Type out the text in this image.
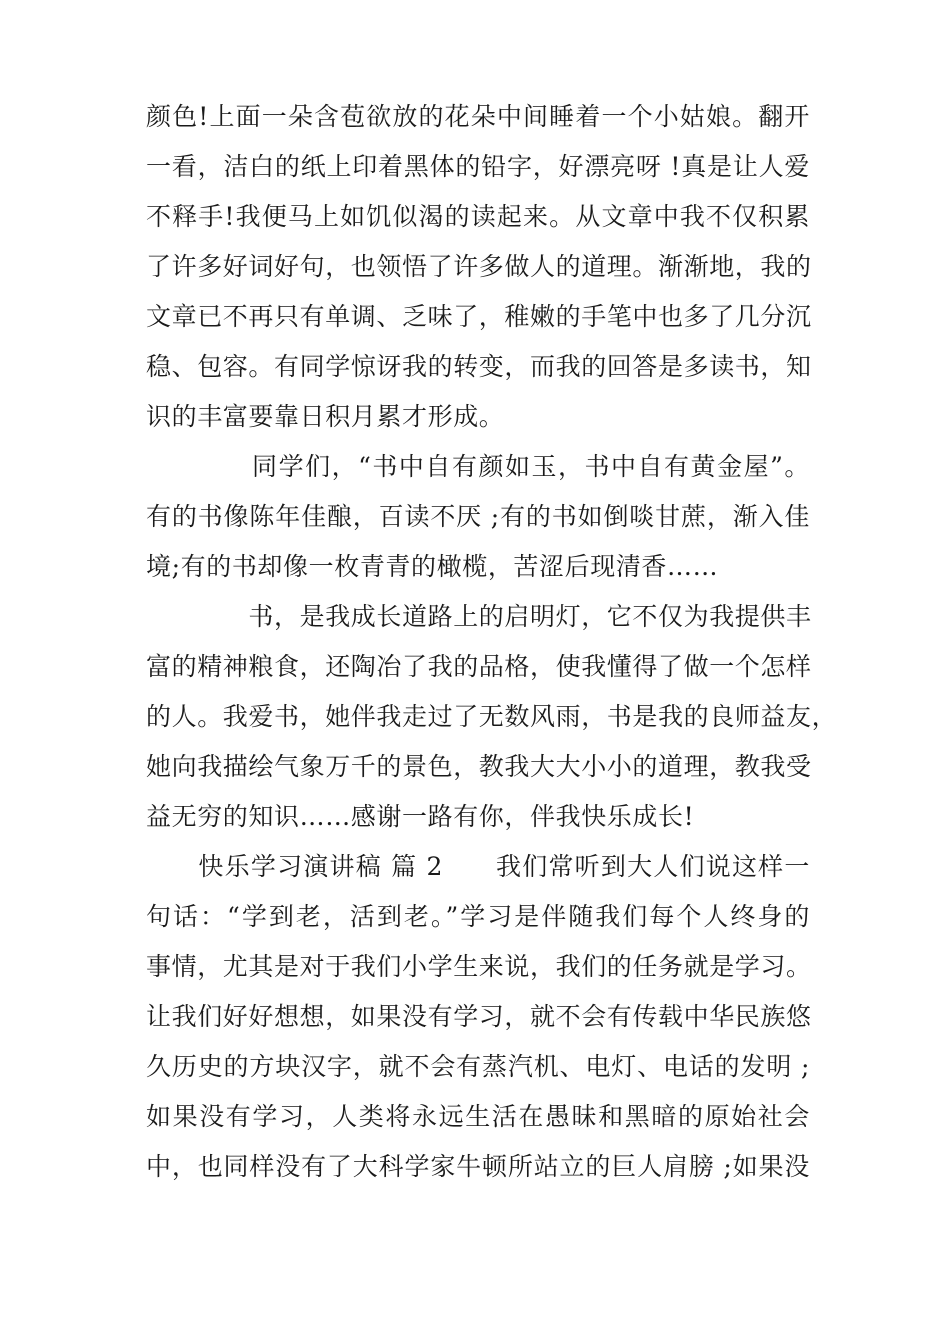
颜色!上面一朵含苞欲放的花朵中间睡着一个小姑娘。翻开
一看，洁白的纸上印着黑体的铅字，好漂亮呀 !真是让人爱
不释手!我便马上如饥似渴的读起来。从文章中我不仅积累
了许多好词好句，也领悟了许多做人的道理。渐渐地，我的
文章已不再只有单调、乏味了，稚嫩的手笔中也多了几分沉
稳、包容。有同学惊讶我的转变，而我的回答是多读书，知
识的丰富要靠日积月累才形成。
　　　　同学们，“书中自有颜如玉，书中自有黄金屋”。
有的书像陈年佳酿，百读不厌 ;有的书如倒啖甘蔗，渐入佳
境;有的书却像一枚青青的橄榄，苦涩后现清香……
　　　　书，是我成长道路上的启明灯，它不仅为我提供丰
富的精神粮食，还陶冶了我的品格，使我懂得了做一个怎样
的人。我爱书，她伴我走过了无数风雨，书是我的良师益友，
她向我描绘气象万千的景色，教我大大小小的道理，教我受
益无穷的知识……感谢一路有你，伴我快乐成长!
　　快乐学习演讲稿 篇 2　　我们常听到大人们说这样一
句话：“学到老，活到老。”学习是伴随我们每个人终身的
事情，尤其是对于我们小学生来说，我们的任务就是学习。
让我们好好想想，如果没有学习，就不会有传载中华民族悠
久历史的方块汉字，就不会有蒸汽机、电灯、电话的发明 ;
如果没有学习，人类将永远生活在愚昧和黑暗的原始社会
中，也同样没有了大科学家牛顿所站立的巨人肩膀 ;如果没
